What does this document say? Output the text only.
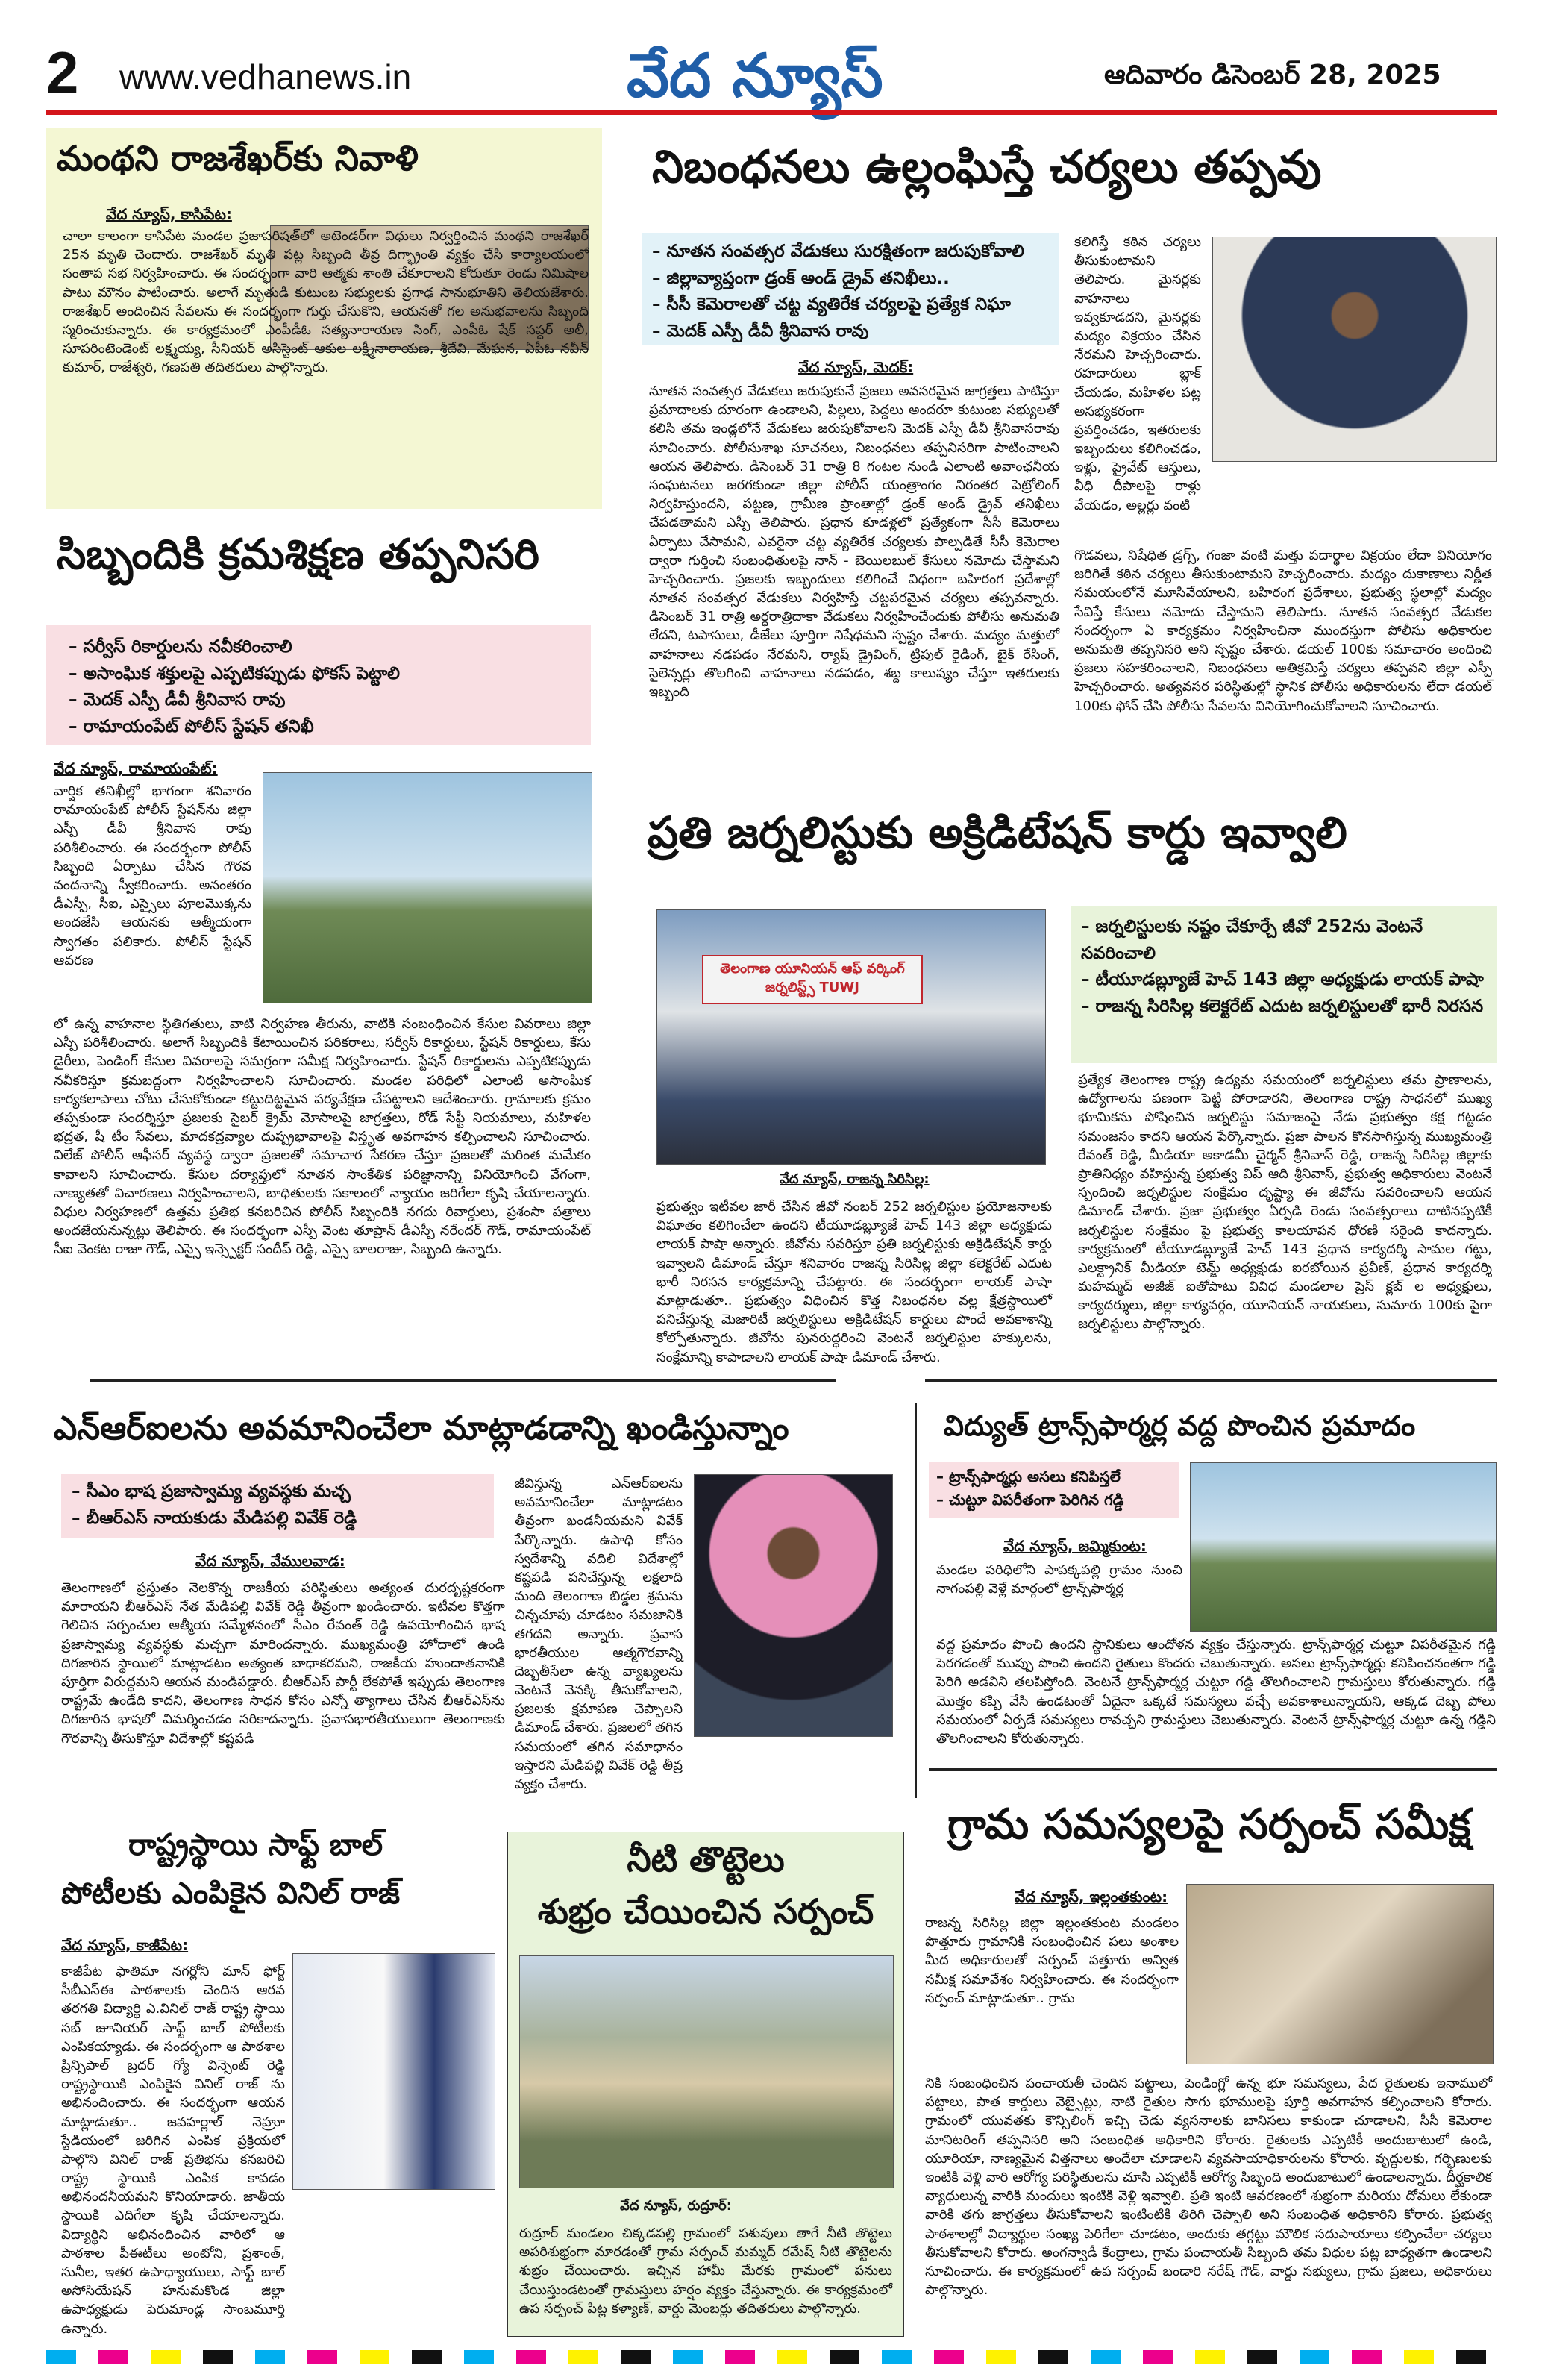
2 www.vedhanews.in	వేద న్యూస్	ఆదివారం డిసెంబర్ 28, 2025
మంథని రాజశేఖర్‌కు నివాళి
వేద న్యూస్, కాసిపేట:
చాలా కాలంగా కాసిపేట మండల ప్రజాపరిషత్‌లో అటెండర్‌గా విధులు నిర్వర్తించిన మంథని రాజశేఖర్ 25న మృతి చెందారు. రాజశేఖర్ మృతి పట్ల సిబ్బంది తీవ్ర దిగ్భ్రాంతి వ్యక్తం చేసి కార్యాలయంలో సంతాప సభ నిర్వహించారు. ఈ సందర్భంగా వారి ఆత్మకు శాంతి చేకూరాలని కోరుతూ రెండు నిమిషాల పాటు మౌనం పాటించారు. అలాగే మృతుడి కుటుంబ సభ్యులకు ప్రగాఢ సానుభూతిని తెలియజేశారు. రాజశేఖర్ అందించిన సేవలను ఈ సందర్భంగా గుర్తు చేసుకొని, ఆయనతో గల అనుభవాలను సిబ్బంది స్మరించుకున్నారు. ఈ కార్యక్రమంలో ఎంపీడీఓ సత్యనారాయణ సింగ్, ఎంపీఓ షేక్ సప్దర్ అలీ, సూపరింటెండెంట్ లక్ష్మయ్య, సీనియర్ అసిస్టెంట్ ఆకుల లక్ష్మీనారాయణ, శ్రీదేవి, మేఘన, ఏపీఓ నవీన్ కుమార్, రాజేశ్వరి, గణపతి తదితరులు పాల్గొన్నారు.
నిబంధనలు ఉల్లంఘిస్తే చర్యలు తప్పవు
– నూతన సంవత్సర వేడుకలు సురక్షితంగా జరుపుకోవాలి
– జిల్లావ్యాప్తంగా డ్రంక్ అండ్ డ్రైవ్ తనిఖీలు..
– సీసీ కెమెరాలతో చట్ట వ్యతిరేక చర్యలపై ప్రత్యేక నిఘా
– మెదక్ ఎస్పీ డీవీ శ్రీనివాస రావు
వేద న్యూస్, మెదక్:
నూతన సంవత్సర వేడుకలు జరుపుకునే ప్రజలు అవసరమైన జాగ్రత్తలు పాటిస్తూ ప్రమాదాలకు దూరంగా ఉండాలని, పిల్లలు, పెద్దలు అందరూ కుటుంబ సభ్యులతో కలిసి తమ ఇండ్లలోనే వేడుకలు జరుపుకోవాలని మెదక్ ఎస్పీ డీవీ శ్రీనివాసరావు సూచించారు. పోలీసుశాఖ సూచనలు, నిబంధనలు తప్పనిసరిగా పాటించాలని ఆయన తెలిపారు. డిసెంబర్ 31 రాత్రి 8 గంటల నుండి ఎలాంటి అవాంఛనీయ సంఘటనలు జరగకుండా జిల్లా పోలీస్ యంత్రాంగం నిరంతర పెట్రోలింగ్ నిర్వహిస్తుందని, పట్టణ, గ్రామీణ ప్రాంతాల్లో డ్రంక్ అండ్ డ్రైవ్ తనిఖీలు చేపడతామని ఎస్పీ తెలిపారు. ప్రధాన కూడళ్లలో ప్రత్యేకంగా సీసీ కెమెరాలు ఏర్పాటు చేసామని, ఎవరైనా చట్ట వ్యతిరేక చర్యలకు పాల్పడితే సీసీ కెమెరాల ద్వారా గుర్తించి సంబంధితులపై నాన్ - బెయిలబుల్ కేసులు నమోదు చేస్తామని హెచ్చరించారు. ప్రజలకు ఇబ్బందులు కలిగించే విధంగా బహిరంగ ప్రదేశాల్లో నూతన సంవత్సర వేడుకలు నిర్వహిస్తే చట్టపరమైన చర్యలు తప్పవన్నారు. డిసెంబర్ 31 రాత్రి అర్ధరాత్రిదాకా వేడుకలు నిర్వహించేందుకు పోలీసు అనుమతి లేదని, టపాసులు, డీజేలు పూర్తిగా నిషేధమని స్పష్టం చేశారు. మద్యం మత్తులో వాహనాలు నడపడం నేరమని, ర్యాష్ డ్రైవింగ్, ట్రిపుల్ రైడింగ్, బైక్ రేసింగ్, సైలెన్సర్లు తొలగించి వాహనాలు నడపడం, శబ్ద కాలుష్యం చేస్తూ ఇతరులకు ఇబ్బంది
కలిగిస్తే కఠిన చర్యలు తీసుకుంటామని తెలిపారు. మైనర్లకు వాహనాలు ఇవ్వకూడదని, మైనర్లకు మద్యం విక్రయం చేసిన నేరమని హెచ్చరించారు. రహదారులు బ్లాక్ చేయడం, మహిళల పట్ల అసభ్యకరంగా ప్రవర్తించడం, ఇతరులకు ఇబ్బందులు కలిగించడం, ఇళ్లు, ప్రైవేట్ ఆస్తులు, వీధి దీపాలపై రాళ్లు వేయడం, అల్లర్లు వంటి
గొడవలు, నిషేధిత డ్రగ్స్, గంజా వంటి మత్తు పదార్థాల విక్రయం లేదా వినియోగం జరిగితే కఠిన చర్యలు తీసుకుంటామని హెచ్చరించారు. మద్యం దుకాణాలు నిర్ణీత సమయంలోనే మూసివేయాలని, బహిరంగ ప్రదేశాలు, ప్రభుత్వ స్థలాల్లో మద్యం సేవిస్తే కేసులు నమోదు చేస్తామని తెలిపారు. నూతన సంవత్సర వేడుకల సందర్భంగా ఏ కార్యక్రమం నిర్వహించినా ముందస్తుగా పోలీసు అధికారుల అనుమతి తప్పనిసరి అని స్పష్టం చేశారు. డయల్ 100కు సమాచారం అందించి ప్రజలు సహకరించాలని, నిబంధనలు అతిక్రమిస్తే చర్యలు తప్పవని జిల్లా ఎస్పీ హెచ్చరించారు. అత్యవసర పరిస్థితుల్లో స్థానిక పోలీసు అధికారులను లేదా డయల్ 100కు ఫోన్ చేసి పోలీసు సేవలను వినియోగించుకోవాలని సూచించారు.
సిబ్బందికి క్రమశిక్షణ తప్పనిసరి
– సర్వీస్ రికార్డులను నవీకరించాలి
– అసాంఘిక శక్తులపై ఎప్పటికప్పుడు ఫోకస్ పెట్టాలి
– మెదక్ ఎస్పీ డీవీ శ్రీనివాస రావు
– రామాయంపేట్ పోలీస్ స్టేషన్ తనిఖీ
వేద న్యూస్, రామాయంపేట్:
వార్షిక తనిఖీల్లో భాగంగా శనివారం రామాయంపేట్ పోలీస్ స్టేషన్‌ను జిల్లా ఎస్పీ డీవీ శ్రీనివాస రావు పరిశీలించారు. ఈ సందర్భంగా పోలీస్ సిబ్బంది ఏర్పాటు చేసిన గౌరవ వందనాన్ని స్వీకరించారు. అనంతరం డీఎస్పీ, సీఐ, ఎస్సైలు పూలమొక్కను అందజేసి ఆయనకు ఆత్మీయంగా స్వాగతం పలికారు. పోలీస్ స్టేషన్ ఆవరణ
లో ఉన్న వాహనాల స్థితిగతులు, వాటి నిర్వహణ తీరును, వాటికి సంబంధించిన కేసుల వివరాలు జిల్లా ఎస్పీ పరిశీలించారు. అలాగే సిబ్బందికి కేటాయించిన పరికరాలు, సర్వీస్ రికార్డులు, స్టేషన్ రికార్డులు, కేసు డైరీలు, పెండింగ్ కేసుల వివరాలపై సమగ్రంగా సమీక్ష నిర్వహించారు. స్టేషన్ రికార్డులను ఎప్పటికప్పుడు నవీకరిస్తూ క్రమబద్ధంగా నిర్వహించాలని సూచించారు. మండల పరిధిలో ఎలాంటి అసాంఘిక కార్యకలాపాలు చోటు చేసుకోకుండా కట్టుదిట్టమైన పర్యవేక్షణ చేపట్టాలని ఆదేశించారు. గ్రామాలకు క్రమం తప్పకుండా సందర్శిస్తూ ప్రజలకు సైబర్ క్రైమ్ మోసాలపై జాగ్రత్తలు, రోడ్ సేఫ్టీ నియమాలు, మహిళల భద్రత, షీ టీం సేవలు, మాదకద్రవ్యాల దుష్ప్రభావాలపై విస్తృత అవగాహన కల్పించాలని సూచించారు. విలేజ్ పోలీస్ ఆఫీసర్ వ్యవస్థ ద్వారా ప్రజలతో సమాచార సేకరణ చేస్తూ ప్రజలతో మరింత మమేకం కావాలని సూచించారు. కేసుల దర్యాప్తులో నూతన సాంకేతిక పరిజ్ఞానాన్ని వినియోగించి వేగంగా, నాణ్యతతో విచారణలు నిర్వహించాలని, బాధితులకు సకాలంలో న్యాయం జరిగేలా కృషి చేయాలన్నారు. విధుల నిర్వహణలో ఉత్తమ ప్రతిభ కనబరిచిన పోలీస్ సిబ్బందికి నగదు రివార్డులు, ప్రశంసా పత్రాలు అందజేయనున్నట్లు తెలిపారు. ఈ సందర్భంగా ఎస్పీ వెంట తూప్రాన్ డీఎస్పీ నరేందర్ గౌడ్, రామాయంపేట్ సీఐ వెంకట రాజా గౌడ్, ఎస్సై ఇన్స్పెక్టర్ సందీప్ రెడ్డి, ఎస్సై బాలరాజు, సిబ్బంది ఉన్నారు.
ప్రతి జర్నలిస్టుకు అక్రిడిటేషన్ కార్డు ఇవ్వాలి
తెలంగాణ యూనియన్ ఆఫ్ వర్కింగ్ జర్నలిస్ట్స్ TUWJ
– జర్నలిస్టులకు నష్టం చేకూర్చే జీవో 252ను వెంటనే సవరించాలి
– టీయూడబ్ల్యూజే హెచ్ 143 జిల్లా అధ్యక్షుడు లాయక్ పాషా
– రాజన్న సిరిసిల్ల కలెక్టరేట్ ఎదుట జర్నలిస్టులతో భారీ నిరసన
వేద న్యూస్, రాజన్న సిరిసిల్ల:
ప్రభుత్వం ఇటీవల జారీ చేసిన జీవో నంబర్ 252 జర్నలిస్టుల ప్రయోజనాలకు విఘాతం కలిగించేలా ఉందని టీయూడబ్ల్యూజే హెచ్ 143 జిల్లా అధ్యక్షుడు లాయక్ పాషా అన్నారు. జీవోను సవరిస్తూ ప్రతి జర్నలిస్టుకు అక్రిడిటేషన్ కార్డు ఇవ్వాలని డిమాండ్ చేస్తూ శనివారం రాజన్న సిరిసిల్ల జిల్లా కలెక్టరేట్ ఎదుట భారీ నిరసన కార్యక్రమాన్ని చేపట్టారు. ఈ సందర్భంగా లాయక్ పాషా మాట్లాడుతూ.. ప్రభుత్వం విధించిన కొత్త నిబంధనల వల్ల క్షేత్రస్థాయిలో పనిచేస్తున్న మెజారిటీ జర్నలిస్టులు అక్రిడిటేషన్ కార్డులు పొందే అవకాశాన్ని కోల్పోతున్నారు. జీవోను పునరుద్ధరించి వెంటనే జర్నలిస్టుల హక్కులను, సంక్షేమాన్ని కాపాడాలని లాయక్ పాషా డిమాండ్ చేశారు.
ప్రత్యేక తెలంగాణ రాష్ట్ర ఉద్యమ సమయంలో జర్నలిస్టులు తమ ప్రాణాలను, ఉద్యోగాలను పణంగా పెట్టి పోరాడారని, తెలంగాణ రాష్ట్ర సాధనలో ముఖ్య భూమికను పోషించిన జర్నలిస్టు సమాజంపై నేడు ప్రభుత్వం కక్ష గట్టడం సమంజసం కాదని ఆయన పేర్కొన్నారు. ప్రజా పాలన కొనసాగిస్తున్న ముఖ్యమంత్రి రేవంత్ రెడ్డి, మీడియా అకాడమీ చైర్మన్ శ్రీనివాస్ రెడ్డి, రాజన్న సిరిసిల్ల జిల్లాకు ప్రాతినిధ్యం వహిస్తున్న ప్రభుత్వ విప్ ఆది శ్రీనివాస్, ప్రభుత్వ అధికారులు వెంటనే స్పందించి జర్నలిస్టుల సంక్షేమం దృష్ట్యా ఈ జీవోను సవరించాలని ఆయన డిమాండ్ చేశారు. ప్రజా ప్రభుత్వం ఏర్పడి రెండు సంవత్సరాలు దాటినప్పటికీ జర్నలిస్టుల సంక్షేమం పై ప్రభుత్వ కాలయాపన ధోరణి సరైంది కాదన్నారు. కార్యక్రమంలో టీయూడబ్ల్యూజే హెచ్ 143 ప్రధాన కార్యదర్శి సామల గట్టు, ఎలక్ట్రానిక్ మీడియా టెమ్జ్ అధ్యక్షుడు ఐరబోయిన ప్రవీణ్, ప్రధాన కార్యదర్శి మహమ్మద్ అజీజ్ ఐతోపాటు వివిధ మండలాల ప్రెస్ క్లబ్ ల అధ్యక్షులు, కార్యదర్శులు, జిల్లా కార్యవర్గం, యూనియన్ నాయకులు, సుమారు 100కు పైగా జర్నలిస్టులు పాల్గొన్నారు.
ఎన్ఆర్ఐలను అవమానించేలా మాట్లాడడాన్ని ఖండిస్తున్నాం
– సీఎం భాష ప్రజాస్వామ్య వ్యవస్థకు మచ్చ
– బీఆర్ఎస్ నాయకుడు మేడిపల్లి వివేక్ రెడ్డి
వేద న్యూస్, వేములవాడ:
జీవిస్తున్న ఎన్ఆర్ఐలను అవమానించేలా మాట్లాడటం తీవ్రంగా ఖండనీయమని వివేక్ పేర్కొన్నారు. ఉపాధి కోసం స్వదేశాన్ని వదిలి విదేశాల్లో కష్టపడి పనిచేస్తున్న లక్షలాది మంది తెలంగాణ బిడ్డల శ్రమను చిన్నచూపు చూడటం సమజానికి తగదని అన్నారు. ప్రవాస భారతీయుల ఆత్మగౌరవాన్ని దెబ్బతీసేలా ఉన్న వ్యాఖ్యలను వెంటనే వెనక్కి తీసుకోవాలని, ప్రజలకు క్షమాపణ చెప్పాలని డిమాండ్ చేశారు. ప్రజలలో తగిన సమయంలో తగిన సమాధానం ఇస్తారని మేడిపల్లి వివేక్ రెడ్డి తీవ్ర వ్యక్తం చేశారు.
తెలంగాణలో ప్రస్తుతం నెలకొన్న రాజకీయ పరిస్థితులు అత్యంత దురదృష్టకరంగా మారాయని బీఆర్ఎస్ నేత మేడిపల్లి వివేక్ రెడ్డి తీవ్రంగా ఖండించారు. ఇటీవల కొత్తగా గెలిచిన సర్పంచుల ఆత్మీయ సమ్మేళనంలో సీఎం రేవంత్ రెడ్డి ఉపయోగించిన భాష ప్రజాస్వామ్య వ్యవస్థకు మచ్చగా మారిందన్నారు. ముఖ్యమంత్రి హోదాలో ఉండి దిగజారిన స్థాయిలో మాట్లాడటం అత్యంత బాధాకరమని, రాజకీయ హుందాతనానికి పూర్తిగా విరుద్ధమని ఆయన మండిపడ్డారు. బీఆర్ఎస్ పార్టీ లేకపోతే ఇప్పుడు తెలంగాణ రాష్ట్రమే ఉండేది కాదని, తెలంగాణ సాధన కోసం ఎన్నో త్యాగాలు చేసిన బీఆర్ఎస్‌ను దిగజారిన భాషలో విమర్శించడం సరికాదన్నారు. ప్రవాసభారతీయులుగా తెలంగాణకు గౌరవాన్ని తీసుకొస్తూ విదేశాల్లో కష్టపడి
విద్యుత్ ట్రాన్స్‌ఫార్మర్ల వద్ద పొంచిన ప్రమాదం
– ట్రాన్స్‌ఫార్మర్లు అసలు కనిపిస్తలే
– చుట్టూ విపరీతంగా పెరిగిన గడ్డి
వేద న్యూస్, జమ్మికుంట:
మండల పరిధిలోని పాపక్కపల్లి గ్రామం నుంచి నాగంపల్లి వెళ్లే మార్గంలో ట్రాన్స్‌ఫార్మర్ల
వద్ద ప్రమాదం పొంచి ఉందని స్థానికులు ఆందోళన వ్యక్తం చేస్తున్నారు. ట్రాన్స్‌ఫార్మర్ల చుట్టూ విపరీతమైన గడ్డి పెరగడంతో ముప్పు పొంచి ఉందని రైతులు కొందరు చెబుతున్నారు. అసలు ట్రాన్స్‌ఫార్మర్లు కనిపించనంతగా గడ్డి పెరిగి అడవిని తలపిస్తోంది. వెంటనే ట్రాన్స్‌ఫార్మర్ల చుట్టూ గడ్డి తొలగించాలని గ్రామస్తులు కోరుతున్నారు. గడ్డి మొత్తం కప్పి వేసి ఉండటంతో ఏదైనా ఒక్కటే సమస్యలు వచ్చే అవకాశాలున్నాయని, ఆక్కడ దెబ్బ పోలు సమయంలో ఏర్పడే సమస్యలు రావచ్చని గ్రామస్తులు చెబుతున్నారు. వెంటనే ట్రాన్స్‌ఫార్మర్ల చుట్టూ ఉన్న గడ్డిని తొలగించాలని కోరుతున్నారు.
రాష్ట్రస్థాయి సాఫ్ట్ బాల్
పోటీలకు ఎంపికైన వినిల్ రాజ్
వేద న్యూస్, కాజీపేట:
కాజీపేట ఫాతిమా నగర్లోని మాన్ ఫోర్ట్ సీబీఎస్ఈ పాఠశాలకు చెందిన ఆరవ తరగతి విద్యార్థి ఎ.వినిల్ రాజ్ రాష్ట్ర స్థాయి సబ్ జూనియర్ సాఫ్ట్ బాల్ పోటీలకు ఎంపికయ్యాడు. ఈ సందర్భంగా ఆ పాఠశాల ప్రిన్సిపాల్ బ్రదర్ గ్యో విన్సెంట్ రెడ్డి రాష్ట్రస్థాయికి ఎంపికైన వినిల్ రాజ్ ను అభినందించారు. ఈ సందర్భంగా ఆయన మాట్లాడుతూ.. జవహర్లాల్ నెహ్రూ స్టేడియంలో జరిగిన ఎంపిక ప్రక్రియలో పాల్గొని వినిల్ రాజ్ ప్రతిభను కనబరిచి రాష్ట్ర స్థాయికి ఎంపిక కావడం అభినందనీయమని కొనియాడారు. జాతీయ స్థాయికి ఎదిగేలా కృషి చేయాలన్నారు. విద్యార్థిని అభినందించిన వారిలో ఆ పాఠశాల పీఈటీలు అంటోని, ప్రశాంత్, సునీల, ఇతర ఉపాధ్యాయులు, సాఫ్ట్ బాల్ అసోసియేషన్ హనుమకొండ జిల్లా ఉపాధ్యక్షుడు పెరుమాండ్ల సాంబమూర్తి ఉన్నారు.
నీటి తొట్టెలు
శుభ్రం చేయించిన సర్పంచ్
వేద న్యూస్, రుద్రూర్:
రుద్రూర్ మండలం చిక్కడపల్లి గ్రామంలో పశువులు తాగే నీటి తొట్టెలు అపరిశుభ్రంగా మారడంతో గ్రామ సర్పంచ్ మమ్మద్ రమేష్ నీటి తొట్టెలను శుభ్రం చేయించారు. ఇచ్చిన హామీ మేరకు గ్రామంలో పనులు చేయిస్తుండటంతో గ్రామస్తులు హర్షం వ్యక్తం చేస్తున్నారు. ఈ కార్యక్రమంలో ఉప సర్పంచ్ పిట్ల కళ్యాణ్, వార్డు మెంబర్లు తదితరులు పాల్గొన్నారు.
గ్రామ సమస్యలపై సర్పంచ్ సమీక్ష
వేద న్యూస్, ఇల్లంతకుంట:
రాజన్న సిరిసిల్ల జిల్లా ఇల్లంతకుంట మండలం పొత్తూరు గ్రామానికి సంబంధించిన పలు అంశాల మీద అధికారులతో సర్పంచ్ పత్తూరు అన్విత సమీక్ష సమావేశం నిర్వహించారు. ఈ సందర్భంగా సర్పంచ్ మాట్లాడుతూ.. గ్రామ
నికి సంబంధించిన పంచాయతీ చెందిన పట్టాలు, పెండింగ్లో ఉన్న భూ సమస్యలు, పేద రైతులకు ఇనాములో పట్టాలు, పాత కార్డులు వెబ్సైట్లు, నాటి రైతుల సాగు భూములపై పూర్తి అవగాహన కల్పించాలని కోరారు. గ్రామంలో యువతకు కౌన్సిలింగ్ ఇచ్చి చెడు వ్యసనాలకు బానిసలు కాకుండా చూడాలని, సీసీ కెమెరాల మానిటరింగ్ తప్పనిసరి అని సంబంధిత అధికారిని కోరారు. రైతులకు ఎప్పటికీ అందుబాటులో ఉండి, యూరియా, నాణ్యమైన విత్తనాలు అందేలా చూడాలని వ్యవసాయాధికారులను కోరారు. వృద్ధులకు, గర్భిణులకు ఇంటికి వెళ్లి వారి ఆరోగ్య పరిస్థితులను చూసి ఎప్పటికీ ఆరోగ్య సిబ్బంది అందుబాటులో ఉండాలన్నారు. దీర్ఘకాలిక వ్యాధులున్న వారికి మందులు ఇంటికి వెళ్లి ఇవ్వాలి. ప్రతి ఇంటి ఆవరణంలో శుభ్రంగా మరియు దోమలు లేకుండా వారికి తగు జాగ్రత్తలు తీసుకోవాలని ఇంటింటికి తిరిగి చెప్పాలి అని సంబంధిత అధికారిని కోరారు. ప్రభుత్వ పాఠశాలల్లో విద్యార్థుల సంఖ్య పెరిగేలా చూడటం, అందుకు తగ్గట్టు మౌలిక సదుపాయాలు కల్పించేలా చర్యలు తీసుకోవాలని కోరారు. అంగన్వాడీ కేంద్రాలు, గ్రామ పంచాయతీ సిబ్బంది తమ విధుల పట్ల బాధ్యతగా ఉండాలని సూచించారు. ఈ కార్యక్రమంలో ఉప సర్పంచ్ బండారి నరేష్ గౌడ్, వార్డు సభ్యులు, గ్రామ ప్రజలు, అధికారులు పాల్గొన్నారు.
